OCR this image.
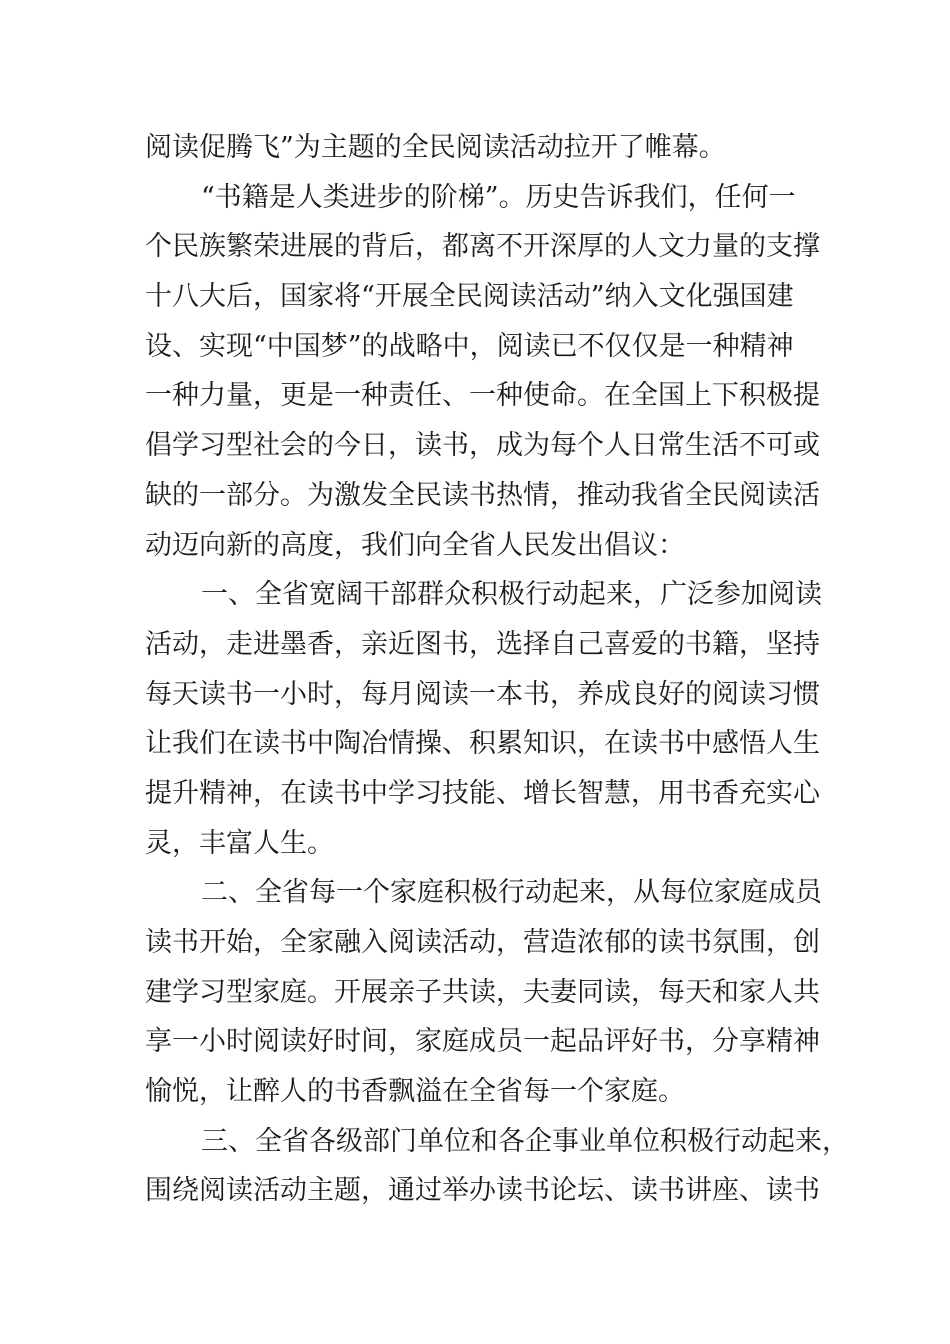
阅读促腾飞”为主题的全民阅读活动拉开了帷幕。
“书籍是人类进步的阶梯”。历史告诉我们，任何一
个民族繁荣进展的背后，都离不开深厚的人文力量的支撑
十八大后，国家将“开展全民阅读活动”纳入文化强国建
设、实现“中国梦”的战略中，阅读已不仅仅是一种精神
一种力量，更是一种责任、一种使命。在全国上下积极提
倡学习型社会的今日，读书，成为每个人日常生活不可或
缺的一部分。为激发全民读书热情，推动我省全民阅读活
动迈向新的高度，我们向全省人民发出倡议：
一、全省宽阔干部群众积极行动起来，广泛参加阅读
活动，走进墨香，亲近图书，选择自己喜爱的书籍，坚持
每天读书一小时，每月阅读一本书，养成良好的阅读习惯
让我们在读书中陶冶情操、积累知识，在读书中感悟人生
提升精神，在读书中学习技能、增长智慧，用书香充实心
灵，丰富人生。
二、全省每一个家庭积极行动起来，从每位家庭成员
读书开始，全家融入阅读活动，营造浓郁的读书氛围，创
建学习型家庭。开展亲子共读，夫妻同读，每天和家人共
享一小时阅读好时间，家庭成员一起品评好书，分享精神
愉悦，让醉人的书香飘溢在全省每一个家庭。
三、全省各级部门单位和各企事业单位积极行动起来，
围绕阅读活动主题，通过举办读书论坛、读书讲座、读书
